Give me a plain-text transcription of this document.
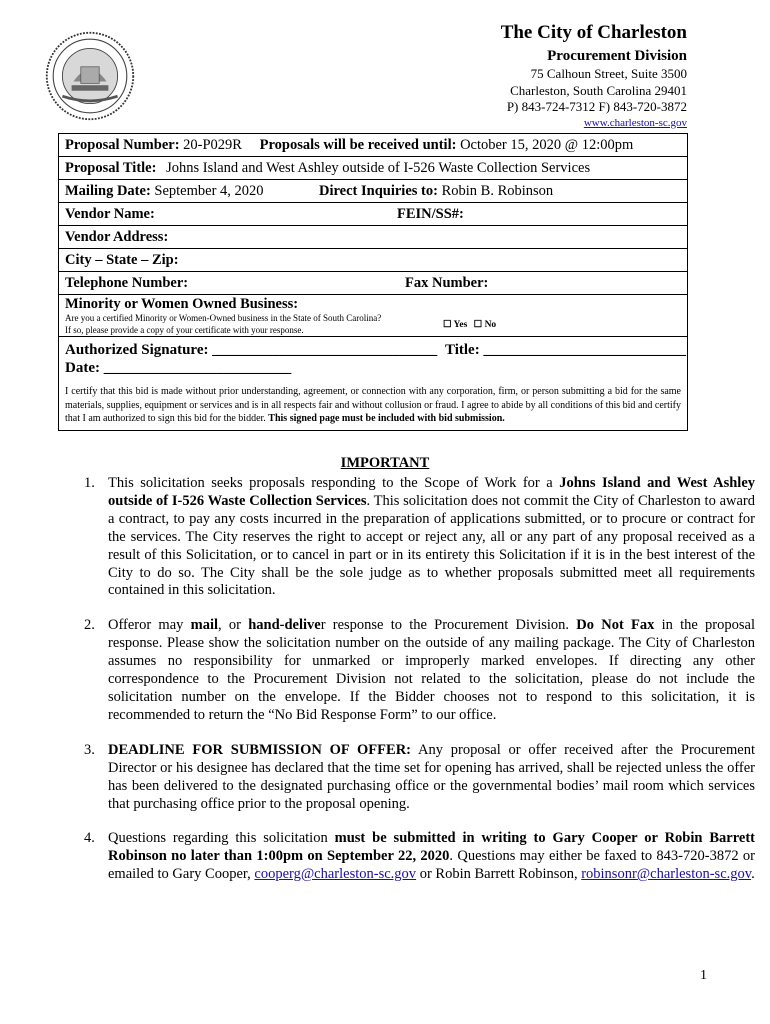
The City of Charleston
Procurement Division
75 Calhoun Street, Suite 3500
Charleston, South Carolina 29401
P) 843-724-7312 F) 843-720-3872
www.charleston-sc.gov
Proposal Number: 20-P029R Proposals will be received until: October 15, 2020 @ 12:00pm
Proposal Title: Johns Island and West Ashley outside of I-526 Waste Collection Services
Mailing Date: September 4, 2020	Direct Inquiries to: Robin B. Robinson
Vendor Name:	FEIN/SS#:
Vendor Address:
City – State – Zip:
Telephone Number:	Fax Number:
Minority or Women Owned Business:
Are you a certified Minority or Women-Owned business in the State of South Carolina?
If so, please provide a copy of your certificate with your response.	☐ Yes ☐ No
Authorized Signature: ______________________________ Title: ___________________________
Date: _________________________
I certify that this bid is made without prior understanding, agreement, or connection with any corporation, firm, or person submitting a bid for the same materials, supplies, equipment or services and is in all respects fair and without collusion or fraud. I agree to abide by all conditions of this bid and certify that I am authorized to sign this bid for the bidder. This signed page must be included with bid submission.
IMPORTANT
1. This solicitation seeks proposals responding to the Scope of Work for a Johns Island and West Ashley outside of I-526 Waste Collection Services. This solicitation does not commit the City of Charleston to award a contract, to pay any costs incurred in the preparation of applications submitted, or to procure or contract for the services. The City reserves the right to accept or reject any, all or any part of any proposal received as a result of this Solicitation, or to cancel in part or in its entirety this Solicitation if it is in the best interest of the City to do so. The City shall be the sole judge as to whether proposals submitted meet all requirements contained in this solicitation.
2. Offeror may mail, or hand-deliver response to the Procurement Division. Do Not Fax in the proposal response. Please show the solicitation number on the outside of any mailing package. The City of Charleston assumes no responsibility for unmarked or improperly marked envelopes. If directing any other correspondence to the Procurement Division not related to the solicitation, please do not include the solicitation number on the envelope. If the Bidder chooses not to respond to this solicitation, it is recommended to return the “No Bid Response Form” to our office.
3. DEADLINE FOR SUBMISSION OF OFFER: Any proposal or offer received after the Procurement Director or his designee has declared that the time set for opening has arrived, shall be rejected unless the offer has been delivered to the designated purchasing office or the governmental bodies’ mail room which services that purchasing office prior to the proposal opening.
4. Questions regarding this solicitation must be submitted in writing to Gary Cooper or Robin Barrett Robinson no later than 1:00pm on September 22, 2020. Questions may either be faxed to 843-720-3872 or emailed to Gary Cooper, cooperg@charleston-sc.gov or Robin Barrett Robinson, robinsonr@charleston-sc.gov.
1
